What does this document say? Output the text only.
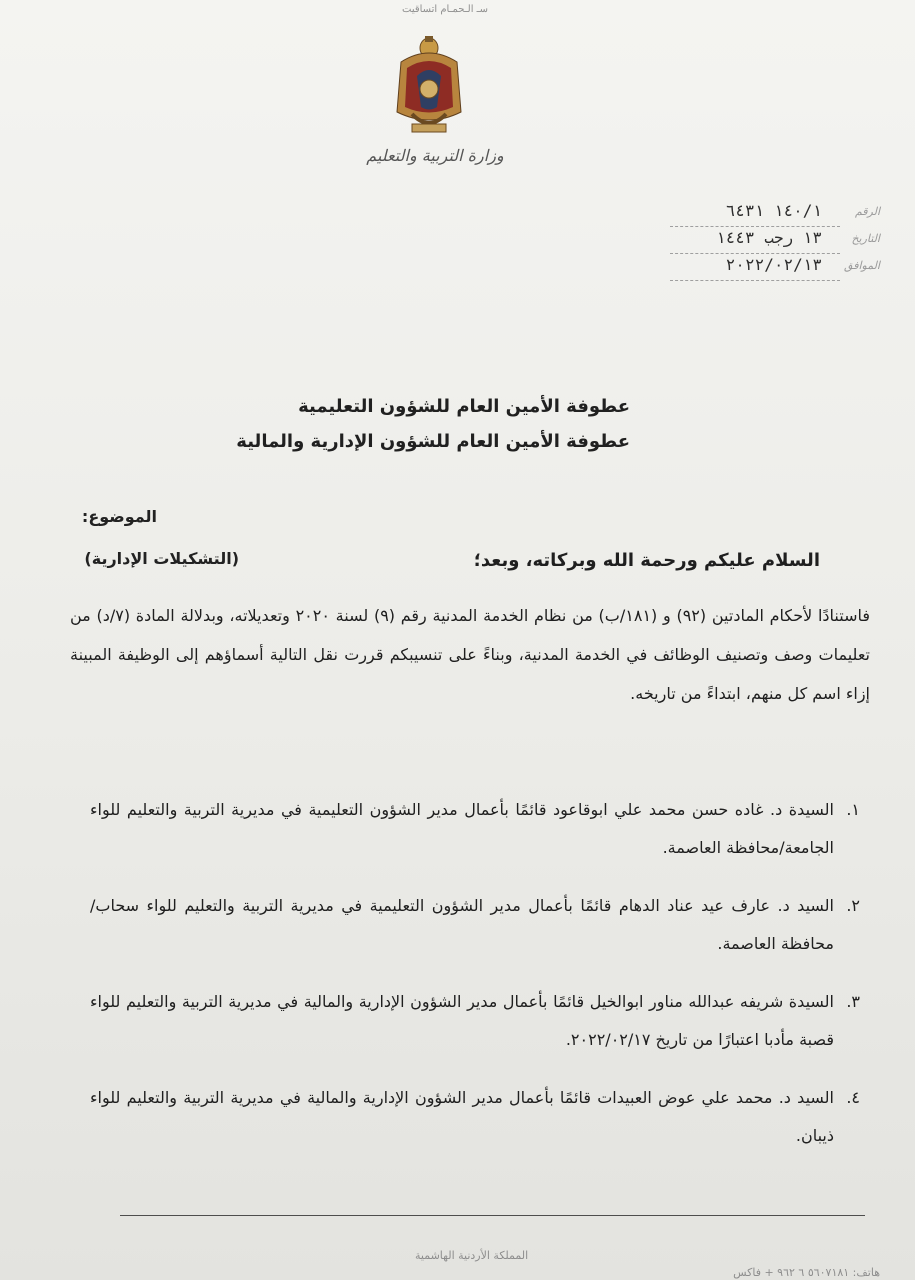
سـ الـحمـام اتساقيت
وزارة التربية والتعليم
الرقم
١٤٠/١ ٦٤٣١
التاريخ
١٣ رجب ١٤٤٣
الموافق
٢٠٢٢/٠٢/١٣
عطوفة الأمين العام للشؤون التعليمية
عطوفة الأمين العام للشؤون الإدارية والمالية
الموضوع:
(التشكيلات الإدارية)	السلام عليكم ورحمة الله وبركاته، وبعد؛
فاستنادًا لأحكام المادتين (٩٢) و (١٨١/ب) من نظام الخدمة المدنية رقم (٩) لسنة ٢٠٢٠ وتعديلاته، وبدلالة المادة (٧/د) من تعليمات وصف وتصنيف الوظائف في الخدمة المدنية، وبناءً على تنسيبكم قررت نقل التالية أسماؤهم إلى الوظيفة المبينة إزاء اسم كل منهم، ابتداءً من تاريخه.
١.
السيدة د. غاده حسن محمد علي ابوقاعود قائمًا بأعمال مدير الشؤون التعليمية في مديرية التربية والتعليم للواء الجامعة/محافظة العاصمة.
٢.
السيد د. عارف عيد عناد الدهام قائمًا بأعمال مدير الشؤون التعليمية في مديرية التربية والتعليم للواء سحاب/محافظة العاصمة.
٣.
السيدة شريفه عبدالله مناور ابوالخيل قائمًا بأعمال مدير الشؤون الإدارية والمالية في مديرية التربية والتعليم للواء قصبة مأدبا اعتبارًا من تاريخ ٢٠٢٢/٠٢/١٧.
٤.
السيد د. محمد علي عوض العبيدات قائمًا بأعمال مدير الشؤون الإدارية والمالية في مديرية التربية والتعليم للواء ذيبان.
المملكة الأردنية الهاشمية
هاتف: ٥٦٠٧١٨١ ٦ ٩٦٢ + فاكس
